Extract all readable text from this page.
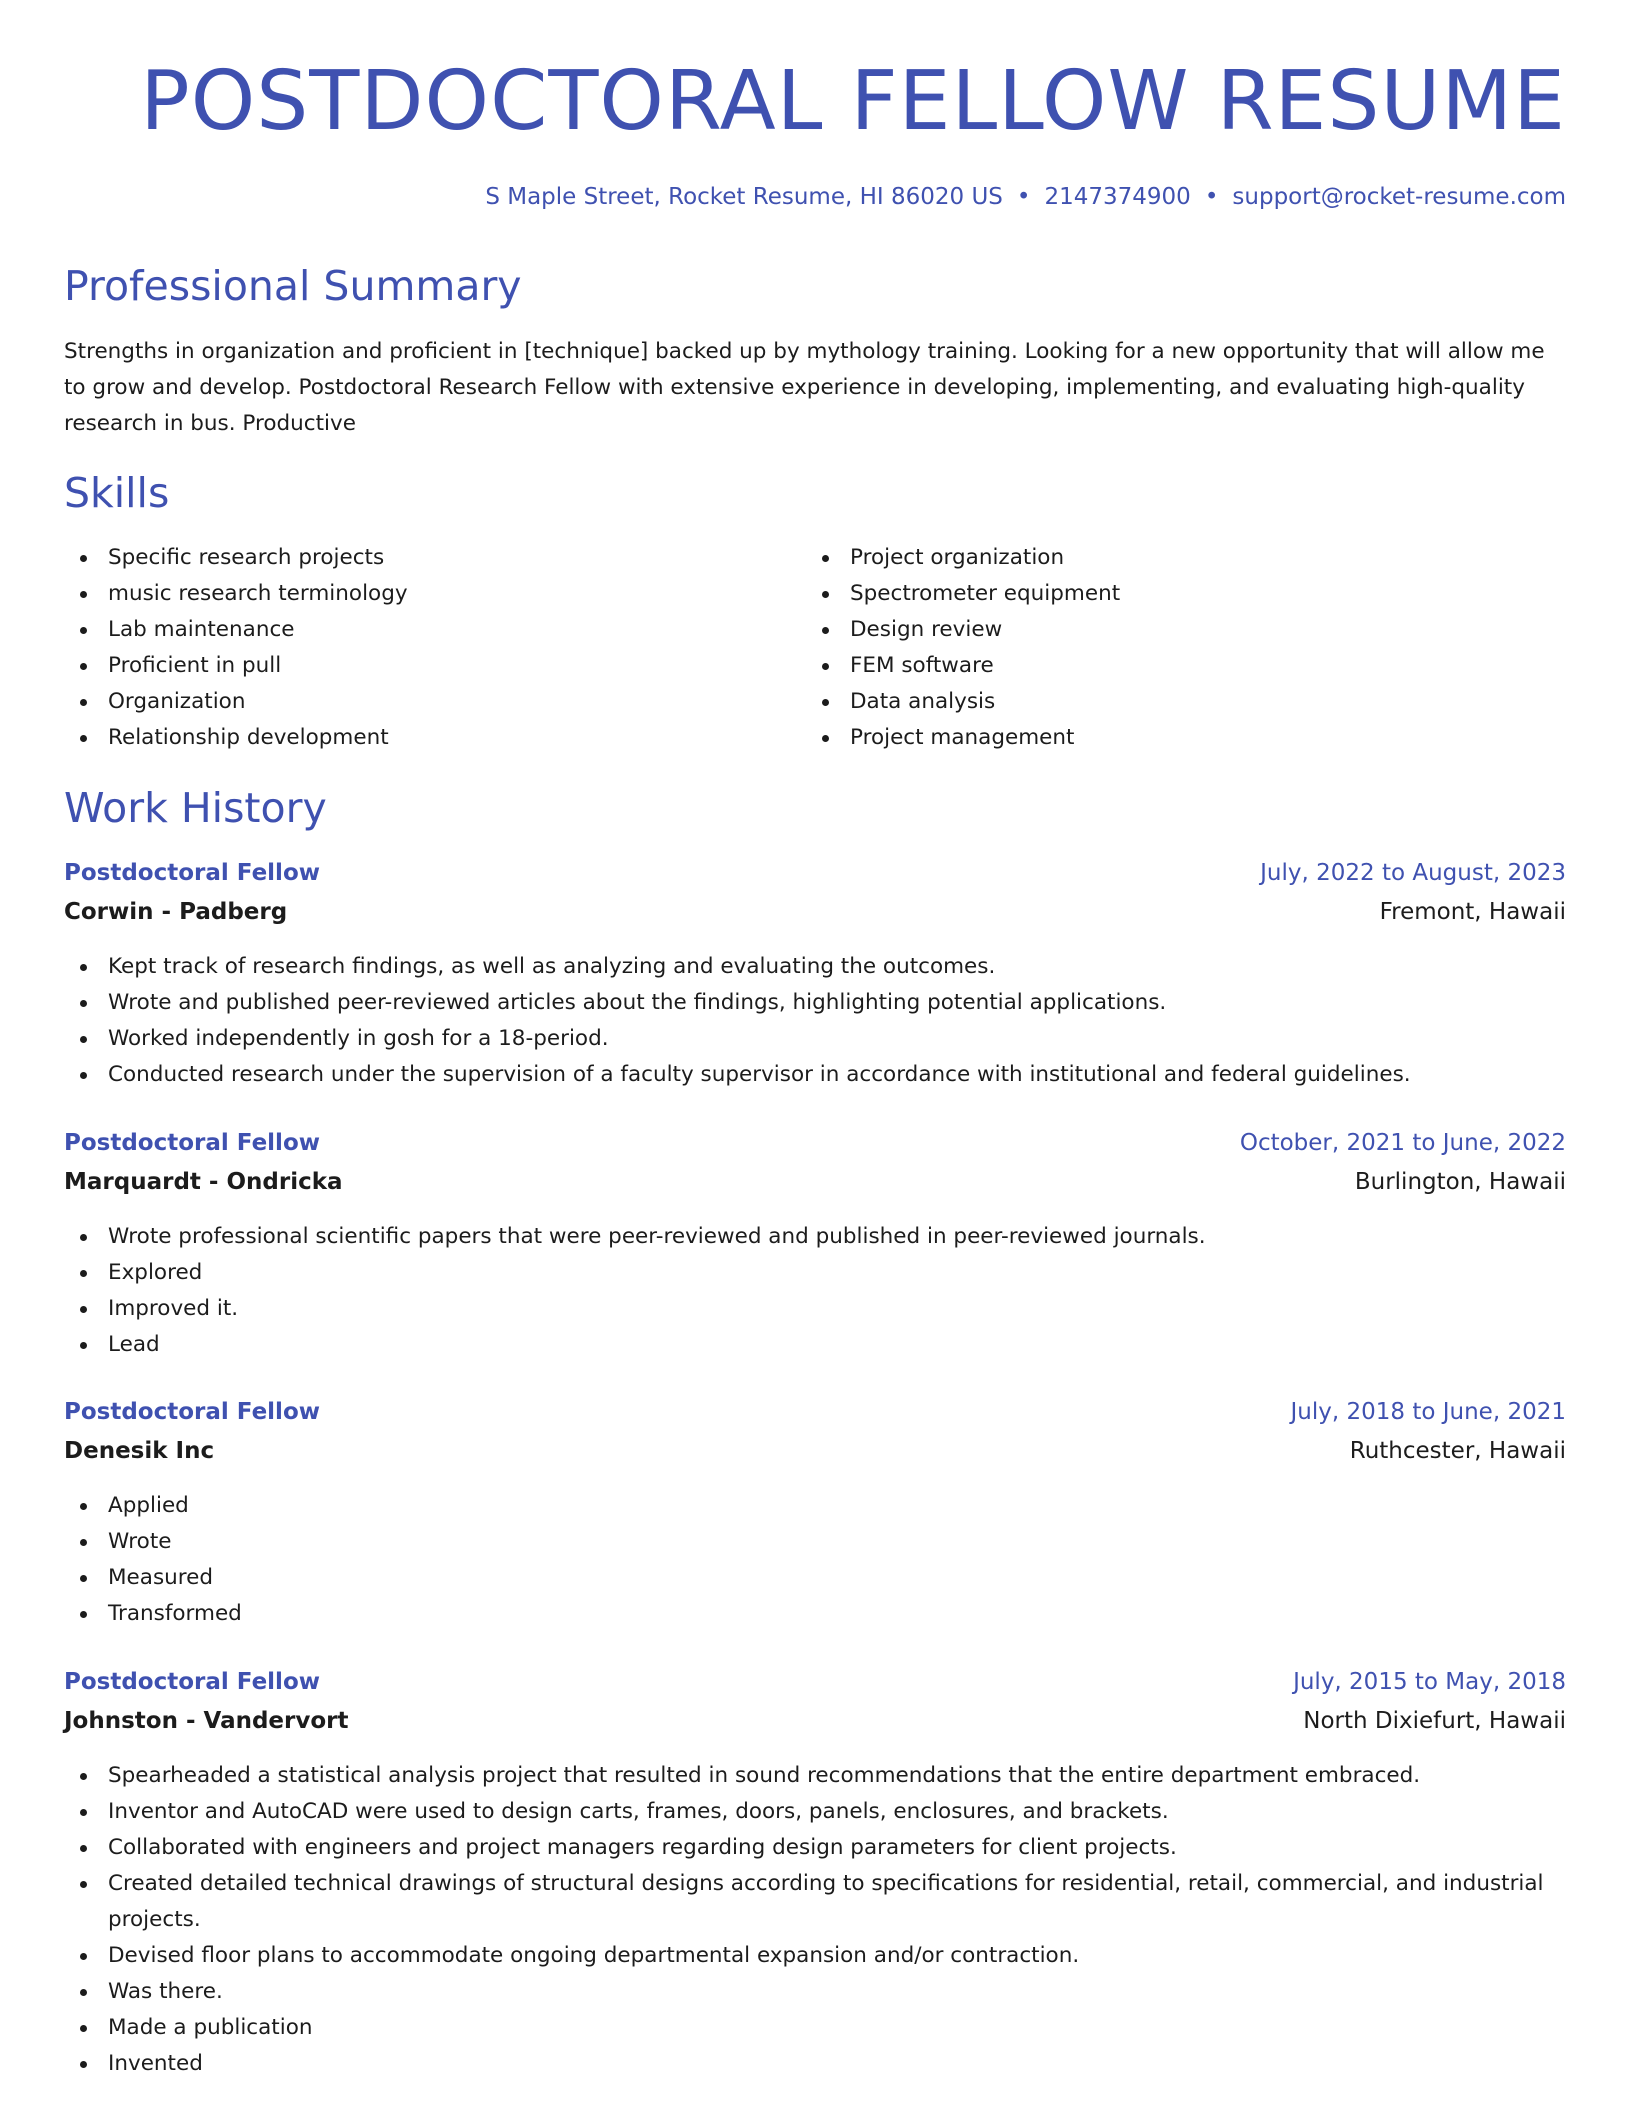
POSTDOCTORAL FELLOW RESUME
S Maple Street, Rocket Resume, HI 86020 US • 2147374900 • support@rocket-resume.com
Professional Summary

Strengths in organization and proficient in [technique] backed up by mythology training. Looking for a new opportunity that will allow me to grow and develop. Postdoctoral Research Fellow with extensive experience in developing, implementing, and evaluating high-quality research in bus. Productive

Skills
Specific research projects
music research terminology
Lab maintenance
Proficient in pull
Organization
Relationship development
Project organization
Spectrometer equipment
Design review
FEM software
Data analysis
Project management
Work History
Postdoctoral Fellow	July, 2022 to August, 2023
Corwin - Padberg	Fremont, Hawaii
Kept track of research findings, as well as analyzing and evaluating the outcomes.
Wrote and published peer-reviewed articles about the findings, highlighting potential applications.
Worked independently in gosh for a 18-period.
Conducted research under the supervision of a faculty supervisor in accordance with institutional and federal guidelines.
Postdoctoral Fellow	October, 2021 to June, 2022
Marquardt - Ondricka	Burlington, Hawaii
Wrote professional scientific papers that were peer-reviewed and published in peer-reviewed journals.
Explored
Improved it.
Lead
Postdoctoral Fellow	July, 2018 to June, 2021
Denesik Inc	Ruthcester, Hawaii
Applied
Wrote
Measured
Transformed
Postdoctoral Fellow	July, 2015 to May, 2018
Johnston - Vandervort	North Dixiefurt, Hawaii
Spearheaded a statistical analysis project that resulted in sound recommendations that the entire department embraced.
Inventor and AutoCAD were used to design carts, frames, doors, panels, enclosures, and brackets.
Collaborated with engineers and project managers regarding design parameters for client projects.
Created detailed technical drawings of structural designs according to specifications for residential, retail, commercial, and industrial projects.
Devised floor plans to accommodate ongoing departmental expansion and/or contraction.
Was there.
Made a publication
Invented
